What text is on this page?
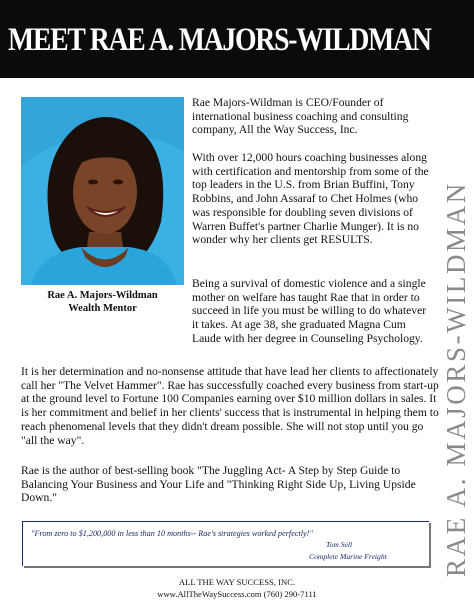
MEET RAE A. MAJORS-WILDMAN
Rae A. Majors-Wildman
Wealth Mentor

Rae Majors-Wildman is CEO/Founder of international business coaching and consulting company, All the Way Success, Inc.

With over 12,000 hours coaching businesses along with certification and mentorship from some of the top leaders in the U.S. from Brian Buffini, Tony Robbins, and John Assaraf to Chet Holmes (who was responsible for doubling seven divisions of Warren Buffet's partner Charlie Munger). It is no wonder why her clients get RESULTS.

Being a survival of domestic violence and a single mother on welfare has taught Rae that in order to succeed in life you must be willing to do whatever it takes. At age 38, she graduated Magna Cum Laude with her degree in Counseling Psychology.

It is her determination and no-nonsense attitude that have lead her clients to affectionately call her "The Velvet Hammer". Rae has successfully coached every business from start-up at the ground level to Fortune 100 Companies earning over $10 million dollars in sales. It is her commitment and belief in her clients' success that is instrumental in helping them to reach phenomenal levels that they didn't dream possible. She will not stop until you go "all the way".

Rae is the author of best-selling book "The Juggling Act- A Step by Step Guide to Balancing Your Business and Your Life and "Thinking Right Side Up, Living Upside Down."

"From zero to $1,200,000 in less than 10 months-- Rae's strategies worked perfectly!"
Tom Sell
Complete Marine Freight
ALL THE WAY SUCCESS, INC.
www.AllTheWaySuccess.com (760) 290-7111
RAE A. MAJORS-WILDMAN
